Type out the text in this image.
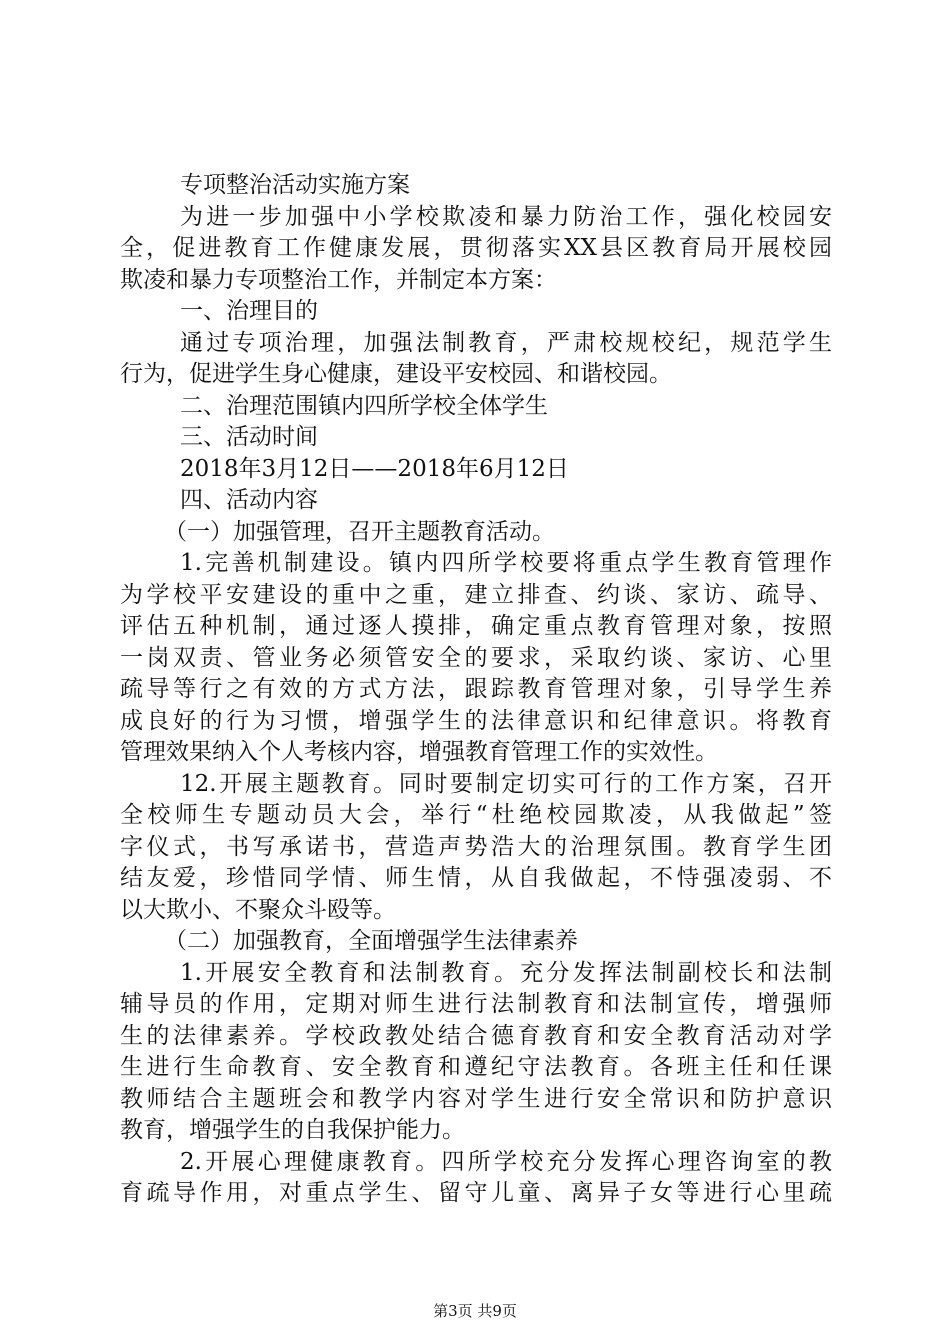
专项整治活动实施方案
为进一步加强中小学校欺凌和暴力防治工作，强化校园安
全，促进教育工作健康发展，贯彻落实XX县区教育局开展校园
欺凌和暴力专项整治工作，并制定本方案：
一、治理目的
通过专项治理，加强法制教育，严肃校规校纪，规范学生
行为，促进学生身心健康，建设平安校园、和谐校园。
二、治理范围镇内四所学校全体学生
三、活动时间
2018年3月12日——2018年6月12日
四、活动内容
（一）加强管理，召开主题教育活动。
1.完善机制建设。镇内四所学校要将重点学生教育管理作
为学校平安建设的重中之重，建立排查、约谈、家访、疏导、
评估五种机制，通过逐人摸排，确定重点教育管理对象，按照
一岗双责、管业务必须管安全的要求，采取约谈、家访、心里
疏导等行之有效的方式方法，跟踪教育管理对象，引导学生养
成良好的行为习惯，增强学生的法律意识和纪律意识。将教育
管理效果纳入个人考核内容，增强教育管理工作的实效性。
12.开展主题教育。同时要制定切实可行的工作方案，召开
全校师生专题动员大会，举行“杜绝校园欺凌，从我做起”签
字仪式，书写承诺书，营造声势浩大的治理氛围。教育学生团
结友爱，珍惜同学情、师生情，从自我做起，不恃强凌弱、不
以大欺小、不聚众斗殴等。
（二）加强教育，全面增强学生法律素养
1.开展安全教育和法制教育。充分发挥法制副校长和法制
辅导员的作用，定期对师生进行法制教育和法制宣传，增强师
生的法律素养。学校政教处结合德育教育和安全教育活动对学
生进行生命教育、安全教育和遵纪守法教育。各班主任和任课
教师结合主题班会和教学内容对学生进行安全常识和防护意识
教育，增强学生的自我保护能力。
2.开展心理健康教育。四所学校充分发挥心理咨询室的教
育疏导作用，对重点学生、留守儿童、离异子女等进行心里疏
第3页 共9页
